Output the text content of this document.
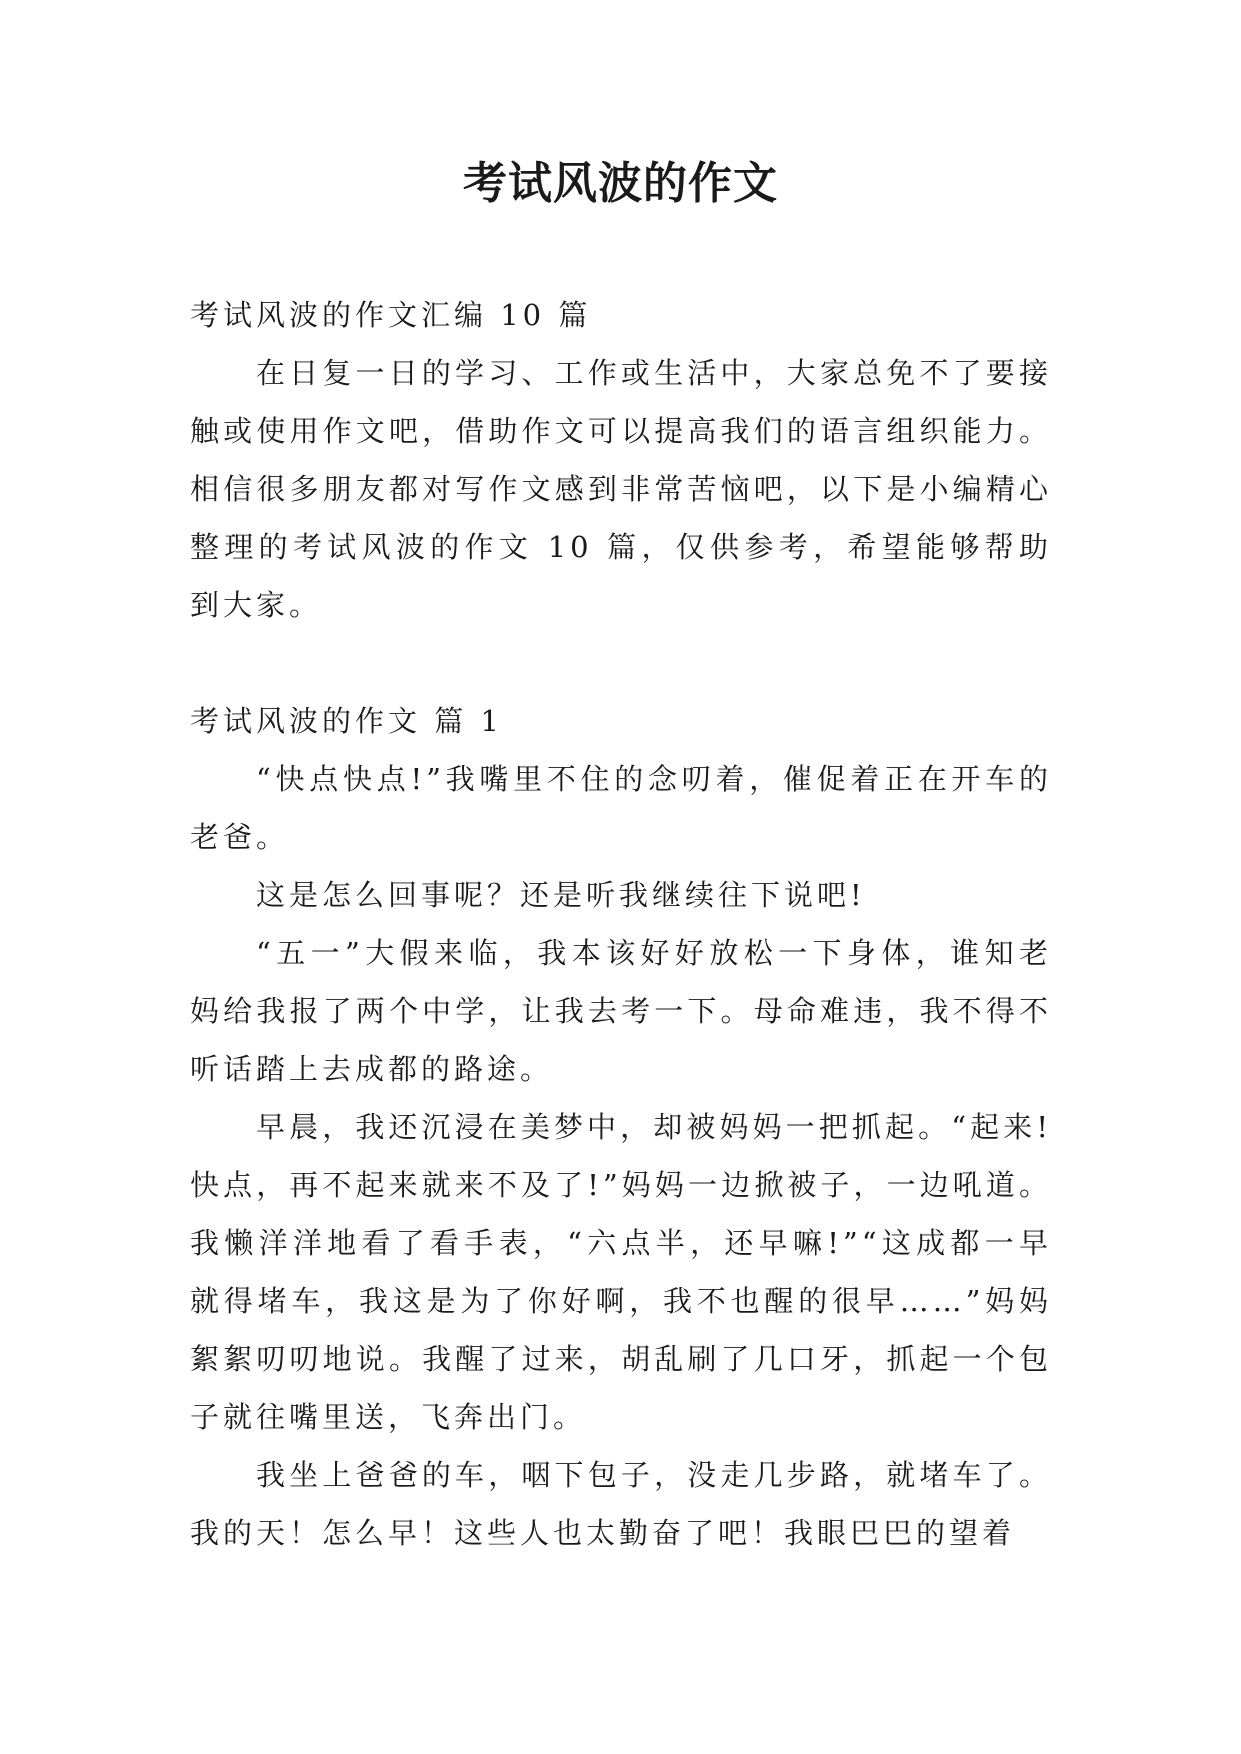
考试风波的作文

考试风波的作文汇编 10 篇

在日复一日的学习、工作或生活中，大家总免不了要接触或使用作文吧，借助作文可以提高我们的语言组织能力。相信很多朋友都对写作文感到非常苦恼吧，以下是小编精心整理的考试风波的作文 10 篇，仅供参考，希望能够帮助到大家。

考试风波的作文 篇 1

“快点快点!”我嘴里不住的念叨着，催促着正在开车的老爸。

这是怎么回事呢？还是听我继续往下说吧!

“五一”大假来临，我本该好好放松一下身体，谁知老妈给我报了两个中学，让我去考一下。母命难违，我不得不听话踏上去成都的路途。

早晨，我还沉浸在美梦中，却被妈妈一把抓起。“起来!快点，再不起来就来不及了!”妈妈一边掀被子，一边吼道。我懒洋洋地看了看手表，“六点半，还早嘛!”“这成都一早就得堵车，我这是为了你好啊，我不也醒的很早……”妈妈絮絮叨叨地说。我醒了过来，胡乱刷了几口牙，抓起一个包子就往嘴里送，飞奔出门。

我坐上爸爸的车，咽下包子，没走几步路，就堵车了。我的天！怎么早！这些人也太勤奋了吧！我眼巴巴的望着
